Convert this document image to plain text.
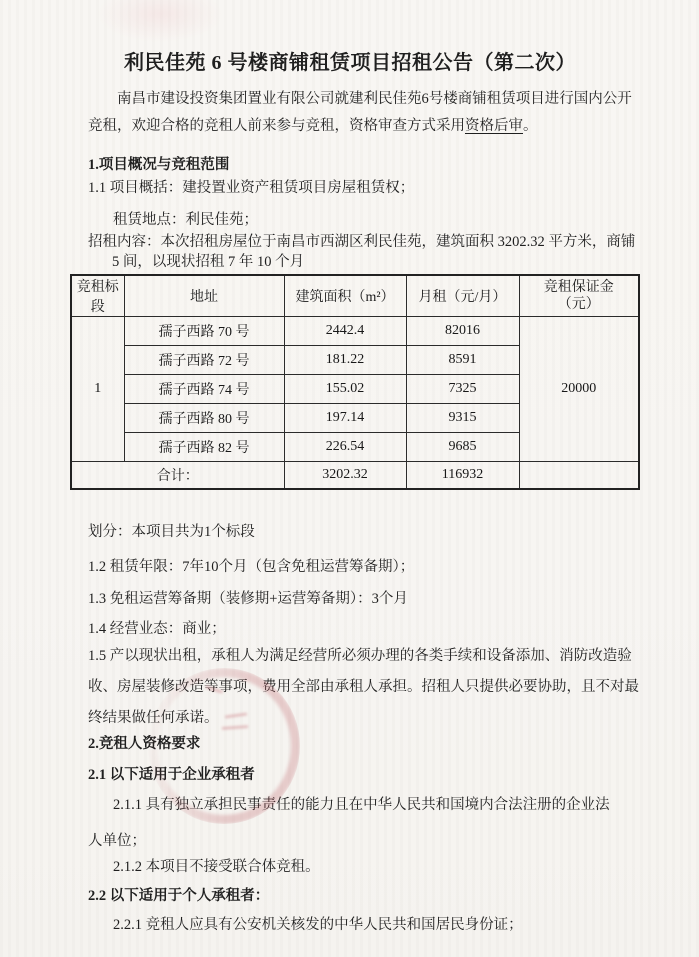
利民佳苑 6 号楼商铺租赁项目招租公告（第二次）

南昌市建设投资集团置业有限公司就建利民佳苑6号楼商铺租赁项目进行国内公开
竞租，欢迎合格的竞租人前来参与竞租，资格审查方式采用资格后审。

1.项目概况与竞租范围
1.1 项目概括：建投置业资产租赁项目房屋租赁权；
租赁地点：利民佳苑；
招租内容：本次招租房屋位于南昌市西湖区利民佳苑，建筑面积 3202.32 平方米，商铺
5 间，以现状招租 7 年 10 个月
竞租标段	地址	建筑面积（m²）	月租（元/月）	竞租保证金（元）
1	孺子西路 70 号	2442.4	82016	20000
	孺子西路 72 号	181.22	8591	
	孺子西路 74 号	155.02	7325	
	孺子西路 80 号	197.14	9315	
	孺子西路 82 号	226.54	9685	
合计：		3202.32	116932	
划分：本项目共为1个标段
1.2 租赁年限：7年10个月（包含免租运营筹备期）；
1.3 免租运营筹备期（装修期+运营筹备期）：3个月
1.4 经营业态：商业；
1.5 产以现状出租，承租人为满足经营所必须办理的各类手续和设备添加、消防改造验
收、房屋装修改造等事项，费用全部由承租人承担。招租人只提供必要协助，且不对最
终结果做任何承诺。
2.竞租人资格要求
2.1 以下适用于企业承租者
2.1.1 具有独立承担民事责任的能力且在中华人民共和国境内合法注册的企业法
人单位；
2.1.2 本项目不接受联合体竞租。
2.2 以下适用于个人承租者：
2.2.1 竞租人应具有公安机关核发的中华人民共和国居民身份证；
